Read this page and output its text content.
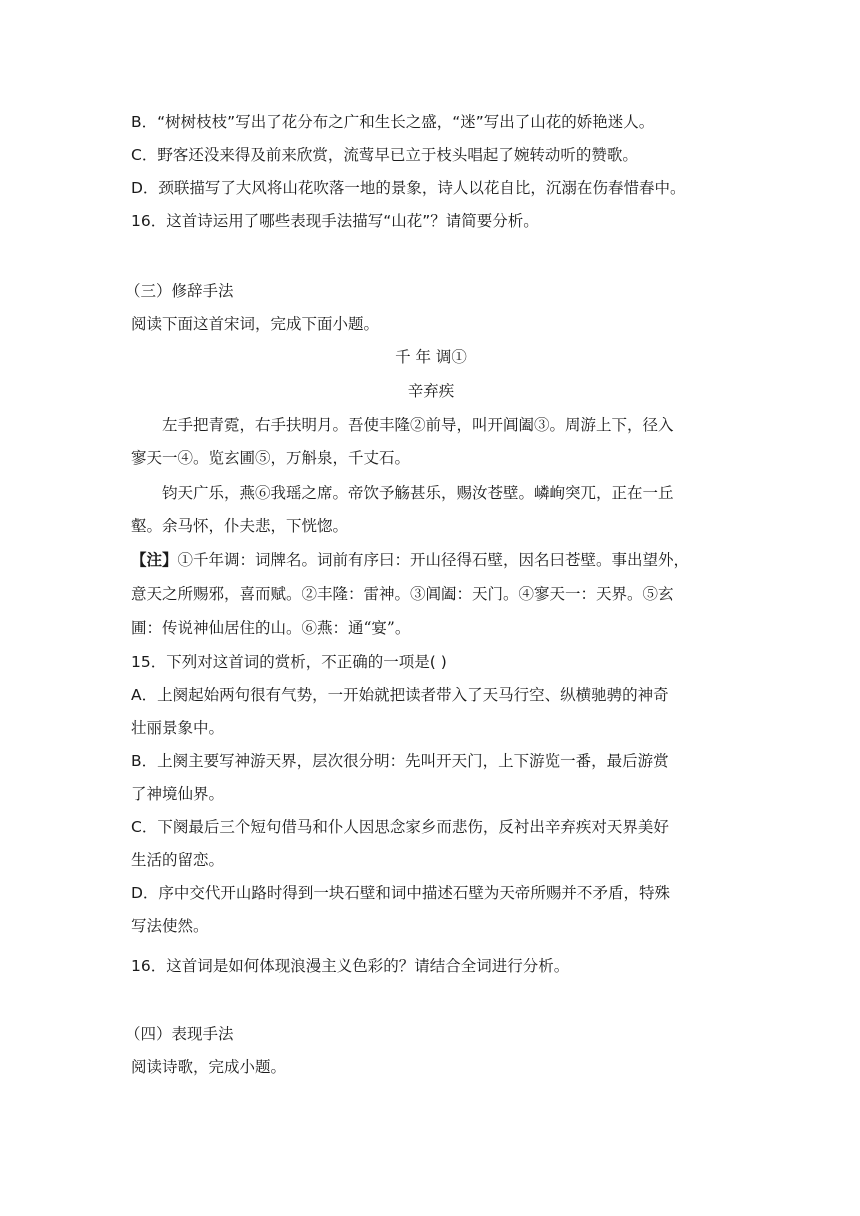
B．“树树枝枝”写出了花分布之广和生长之盛，“迷”写出了山花的娇艳迷人。
C．野客还没来得及前来欣赏，流莺早已立于枝头唱起了婉转动听的赞歌。
D．颈联描写了大风将山花吹落一地的景象，诗人以花自比，沉溺在伤春惜春中。
16．这首诗运用了哪些表现手法描写“山花”？请简要分析。
（三）修辞手法
阅读下面这首宋词，完成下面小题。
千 年 调①
辛弃疾
左手把青霓，右手扶明月。吾使丰隆②前导，叫开阊阖③。周游上下，径入
寥天一④。览玄圃⑤，万斛泉，千丈石。
钧天广乐，燕⑥我瑶之席。帝饮予觞甚乐，赐汝苍壁。嶙峋突兀，正在一丘
壑。余马怀，仆夫悲，下恍惚。
【注】①千年调：词牌名。词前有序曰：开山径得石壁，因名曰苍壁。事出望外，
意天之所赐邪，喜而赋。②丰隆：雷神。③阊阖：天门。④寥天一：天界。⑤玄
圃：传说神仙居住的山。⑥燕：通“宴”。
15．下列对这首词的赏析，不正确的一项是( )
A．上阕起始两句很有气势，一开始就把读者带入了天马行空、纵横驰骋的神奇
壮丽景象中。
B．上阕主要写神游天界，层次很分明：先叫开天门，上下游览一番，最后游赏
了神境仙界。
C．下阕最后三个短句借马和仆人因思念家乡而悲伤，反衬出辛弃疾对天界美好
生活的留恋。
D．序中交代开山路时得到一块石壁和词中描述石壁为天帝所赐并不矛盾，特殊
写法使然。
16．这首词是如何体现浪漫主义色彩的？请结合全词进行分析。
（四）表现手法
阅读诗歌，完成小题。
